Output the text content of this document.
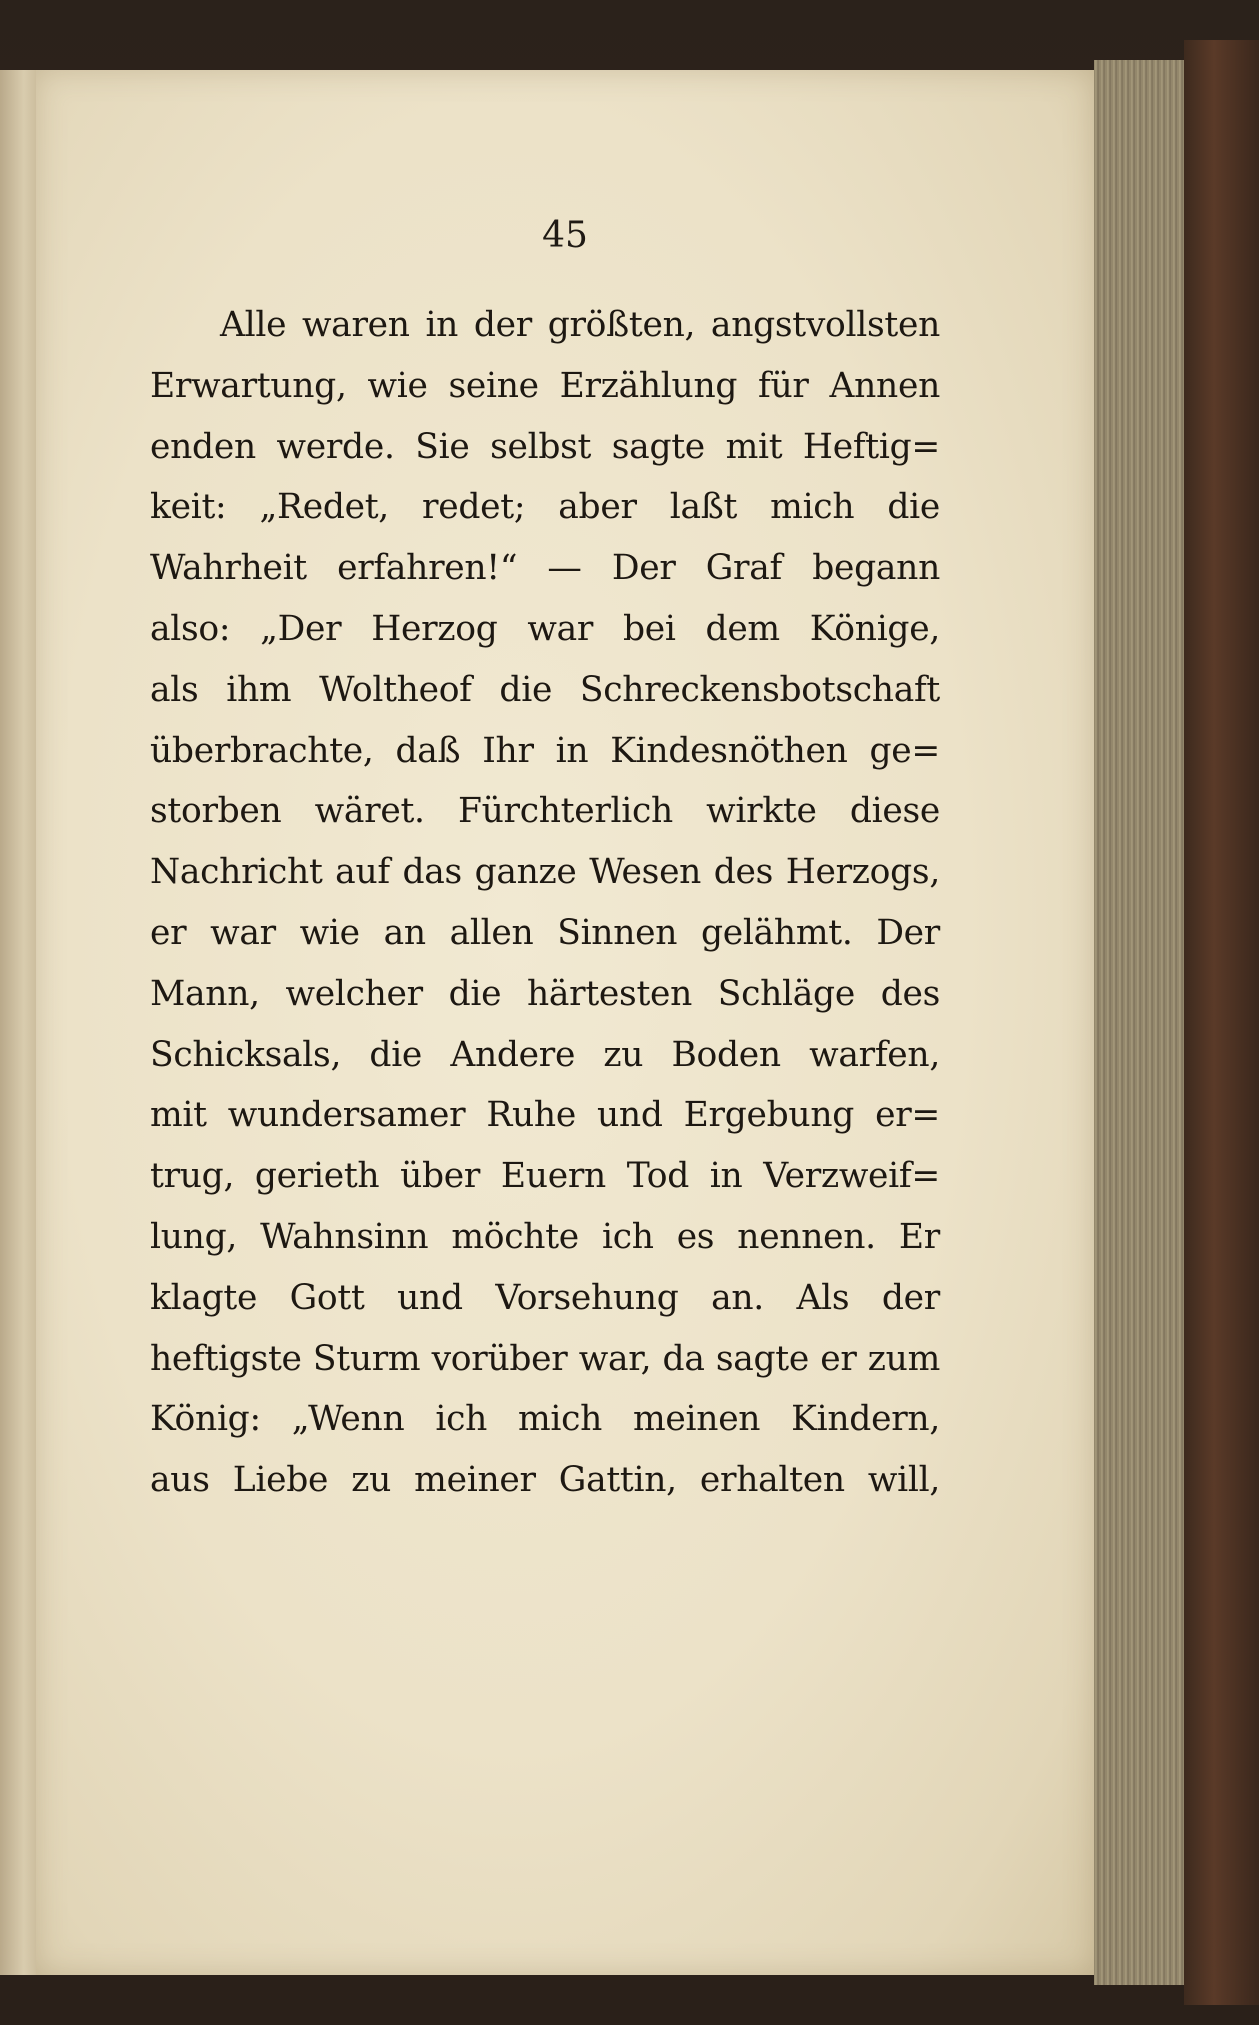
45
Alle waren in der größten, angstvollsten
Erwartung, wie seine Erzählung für Annen
enden werde. Sie selbst sagte mit Heftig=
keit: „Redet, redet; aber laßt mich die
Wahrheit erfahren!“ — Der Graf begann
also: „Der Herzog war bei dem Könige,
als ihm Woltheof die Schreckensbotschaft
überbrachte, daß Ihr in Kindesnöthen ge=
storben wäret. Fürchterlich wirkte diese
Nachricht auf das ganze Wesen des Herzogs,
er war wie an allen Sinnen gelähmt. Der
Mann, welcher die härtesten Schläge des
Schicksals, die Andere zu Boden warfen,
mit wundersamer Ruhe und Ergebung er=
trug, gerieth über Euern Tod in Verzweif=
lung, Wahnsinn möchte ich es nennen. Er
klagte Gott und Vorsehung an. Als der
heftigste Sturm vorüber war, da sagte er zum
König: „Wenn ich mich meinen Kindern,
aus Liebe zu meiner Gattin, erhalten will,
